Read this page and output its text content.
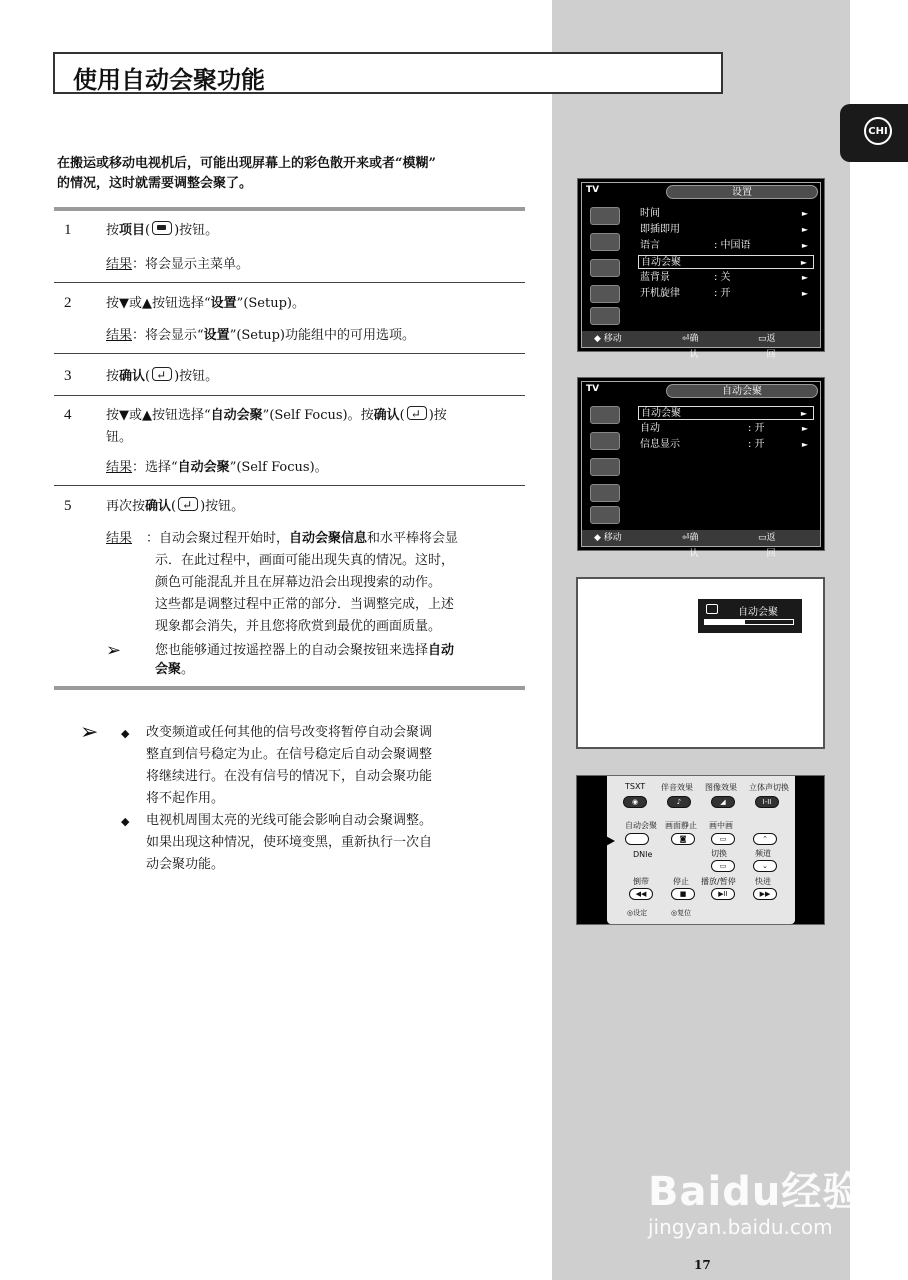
CHI
使用自动会聚功能
在搬运或移动电视机后，可能出现屏幕上的彩色散开来或者“模糊”
的情况，这时就需要调整会聚了。
1	按项目( )按钮。
结果：将会显示主菜单。
2	按▼或▲按钮选择“设置”(Setup)。
结果：将会显示“设置”(Setup)功能组中的可用选项。
3	按确认( ↵ )按钮。
4	按▼或▲按钮选择“自动会聚”(Self Focus)。按确认( ↵ )按
钮。
结果：选择“自动会聚”(Self Focus)。
5	再次按确认( ↵ )按钮。
结果 ：自动会聚过程开始时，自动会聚信息和水平棒将会显
示．在此过程中，画面可能出现失真的情况。这时，
颜色可能混乱并且在屏幕边沿会出现搜索的动作。
这些都是调整过程中正常的部分．当调整完成，上述
现象都会消失，并且您将欣赏到最优的画面质量。
➢	您也能够通过按遥控器上的自动会聚按钮来选择自动
会聚。
➢ ◆ 改变频道或任何其他的信号改变将暂停自动会聚调
整直到信号稳定为止。在信号稳定后自动会聚调整
将继续进行。在没有信号的情况下，自动会聚功能
将不起作用。
◆ 电视机周围太亮的光线可能会影响自动会聚调整。
如果出现这种情况，使环境变黑，重新执行一次自
动会聚功能。
TV	设置
时间	►
即插即用	►
语言	: 中国语	►
自动会聚	►
蓝背景	: 关	►
开机旋律	: 开	►
◆ 移动	⏎ 确认
▭ 返回
TV	自动会聚
自动会聚	►
自动	: 开	►
信息显示	: 开	►
◆ 移动	⏎ 确认
▭ 返回
自动会聚
TSXT 伴音效果 图像效果 立体声切换
◉	♪	◢	I-II
自动会聚 画面静止 画中画
◙	▭	⌃
DNIe	切换	频道
▭	⌄
倒带	停止 播放/暂停 快进
◀◀	■	▶II	▶▶
◎设定	◎复位
Baidu经验
jingyan.baidu.com
17
